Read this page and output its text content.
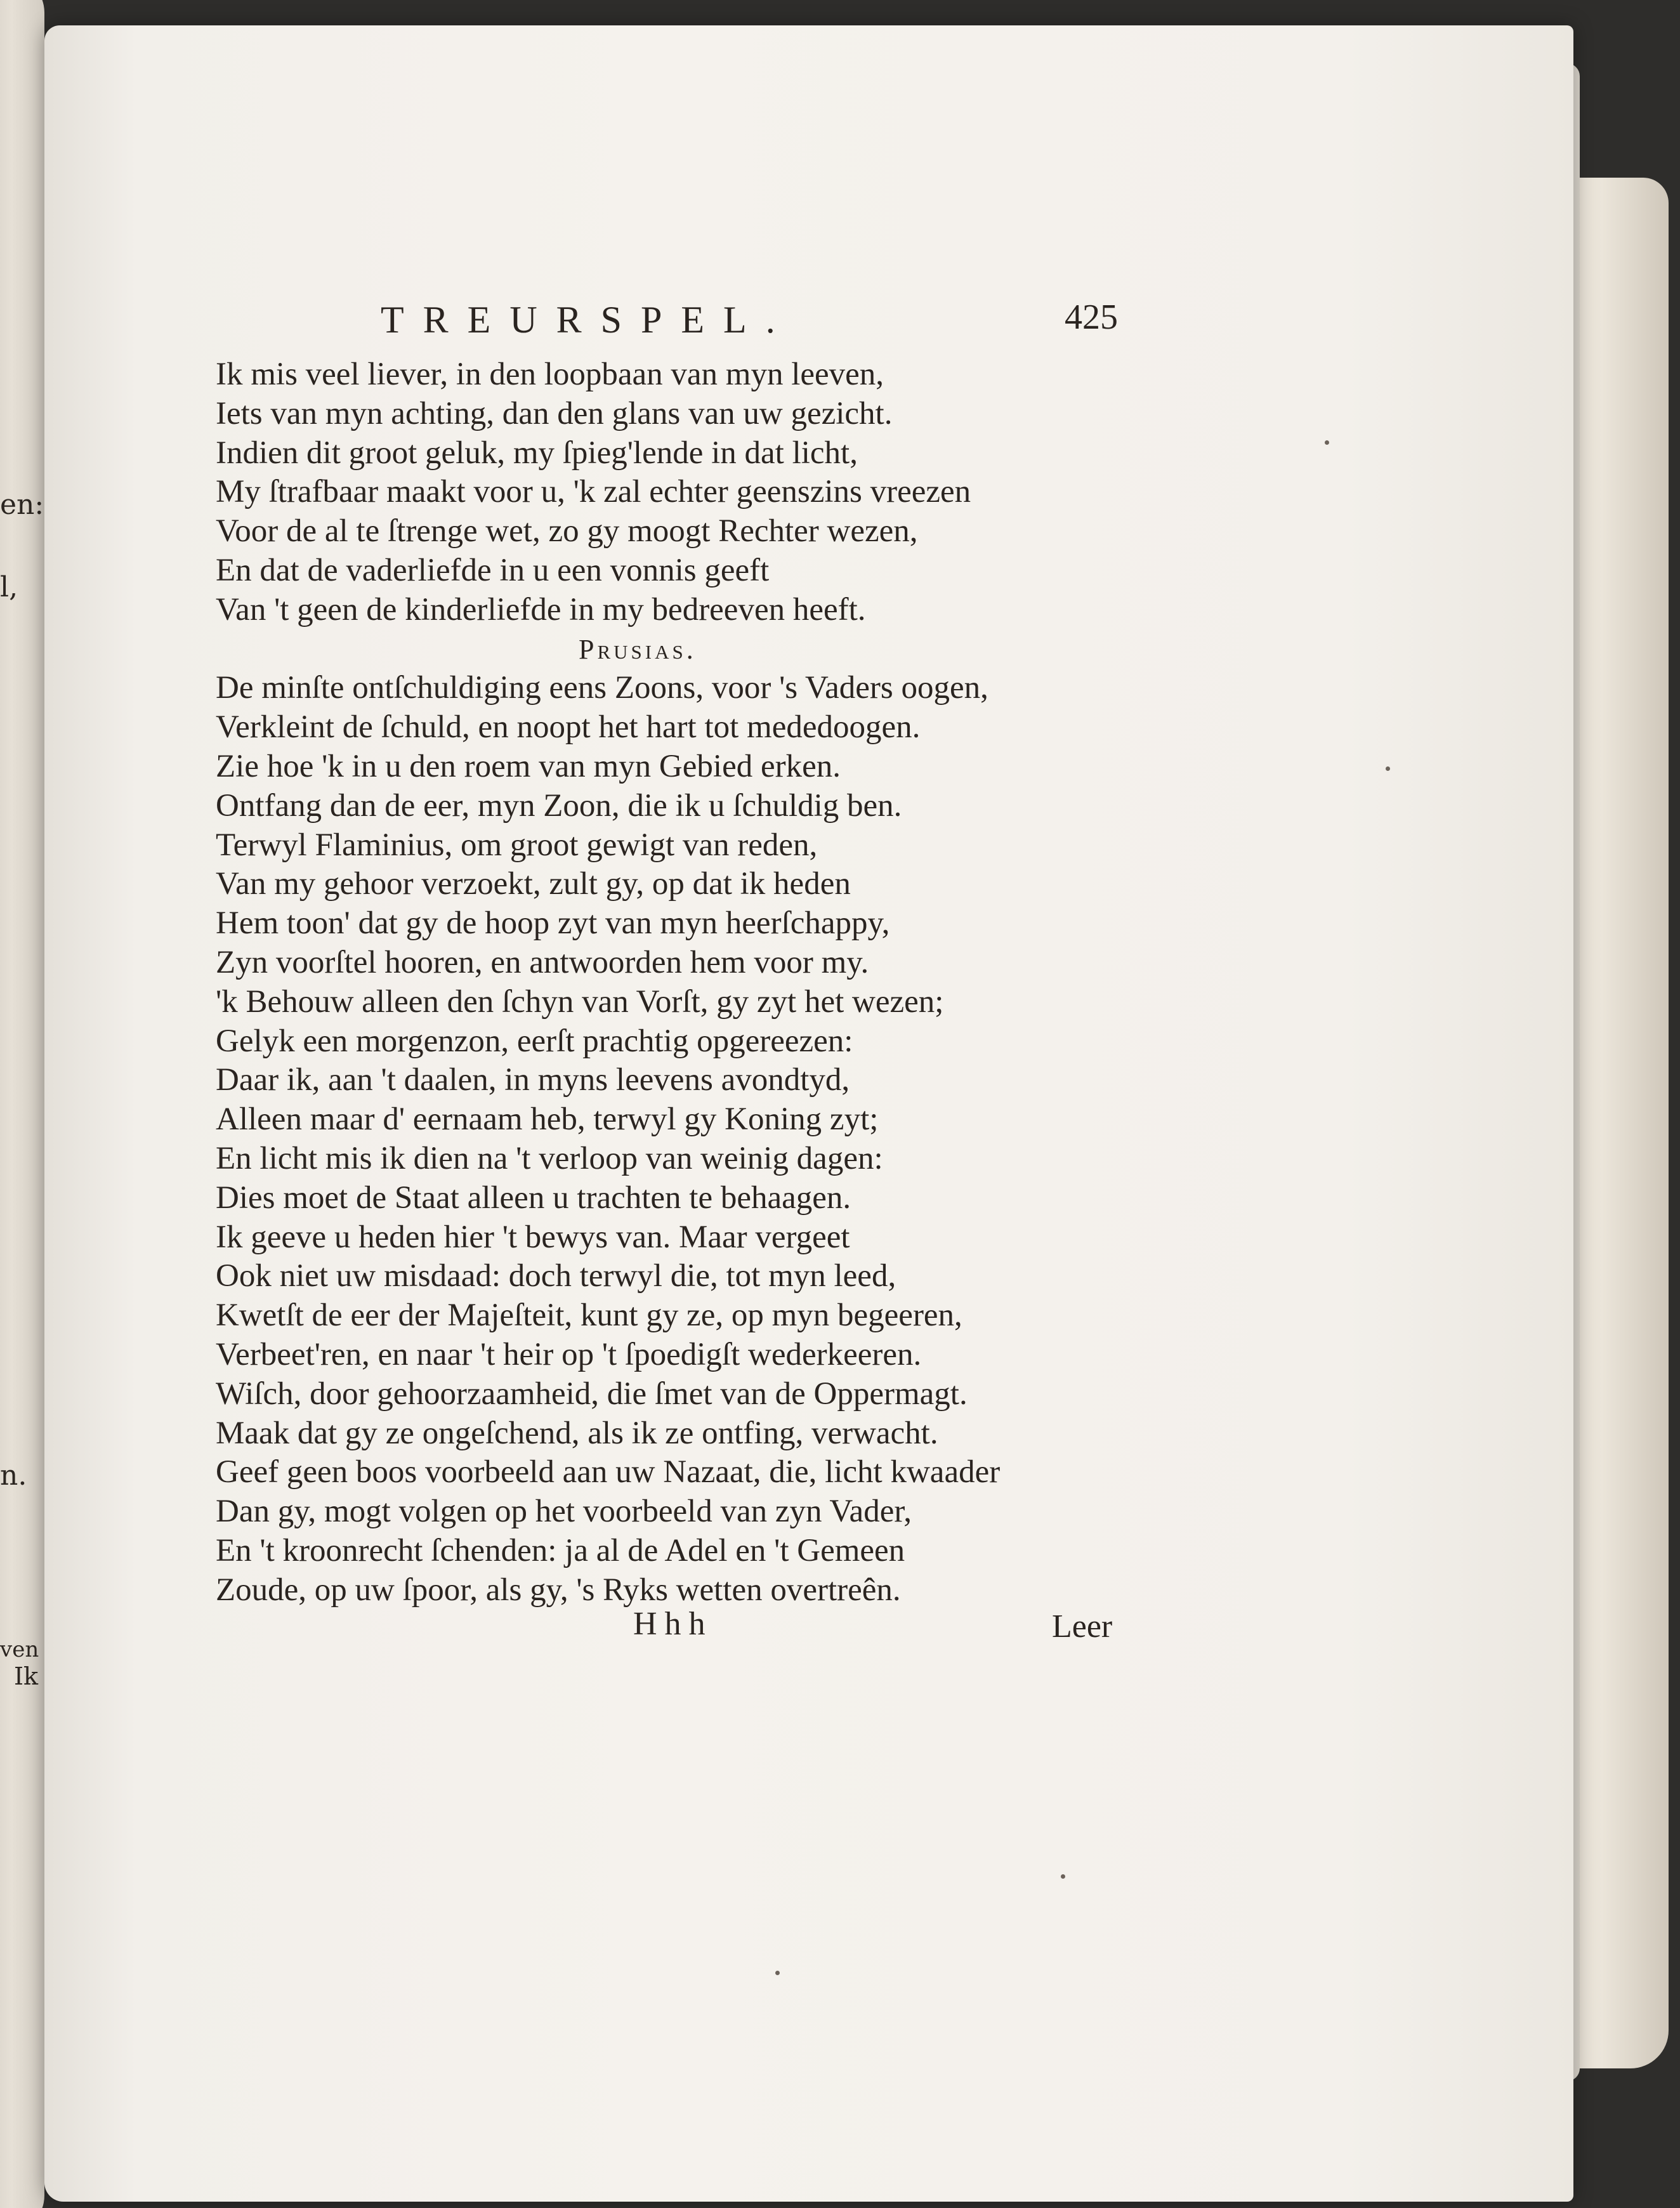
en:
l,
n.
ven
Ik
TREURSPEL.	425
Ik mis veel liever, in den loopbaan van myn leeven,
Iets van myn achting, dan den glans van uw gezicht.
Indien dit groot geluk, my ſpieg'lende in dat licht,
My ſtrafbaar maakt voor u, 'k zal echter geenszins vreezen
Voor de al te ſtrenge wet, zo gy moogt Rechter wezen,
En dat de vaderliefde in u een vonnis geeft
Van 't geen de kinderliefde in my bedreeven heeft.
Prusias.
De minſte ontſchuldiging eens Zoons, voor 's Vaders oogen,
Verkleint de ſchuld, en noopt het hart tot mededoogen.
Zie hoe 'k in u den roem van myn Gebied erken.
Ontfang dan de eer, myn Zoon, die ik u ſchuldig ben.
Terwyl Flaminius, om groot gewigt van reden,
Van my gehoor verzoekt, zult gy, op dat ik heden
Hem toon' dat gy de hoop zyt van myn heerſchappy,
Zyn voorſtel hooren, en antwoorden hem voor my.
'k Behouw alleen den ſchyn van Vorſt, gy zyt het wezen;
Gelyk een morgenzon, eerſt prachtig opgereezen:
Daar ik, aan 't daalen, in myns leevens avondtyd,
Alleen maar d' eernaam heb, terwyl gy Koning zyt;
En licht mis ik dien na 't verloop van weinig dagen:
Dies moet de Staat alleen u trachten te behaagen.
Ik geeve u heden hier 't bewys van. Maar vergeet
Ook niet uw misdaad: doch terwyl die, tot myn leed,
Kwetſt de eer der Majeſteit, kunt gy ze, op myn begeeren,
Verbeet'ren, en naar 't heir op 't ſpoedigſt wederkeeren.
Wiſch, door gehoorzaamheid, die ſmet van de Oppermagt.
Maak dat gy ze ongeſchend, als ik ze ontfing, verwacht.
Geef geen boos voorbeeld aan uw Nazaat, die, licht kwaader
Dan gy, mogt volgen op het voorbeeld van zyn Vader,
En 't kroonrecht ſchenden: ja al de Adel en 't Gemeen
Zoude, op uw ſpoor, als gy, 's Ryks wetten overtreên.
Hhh	Leer
